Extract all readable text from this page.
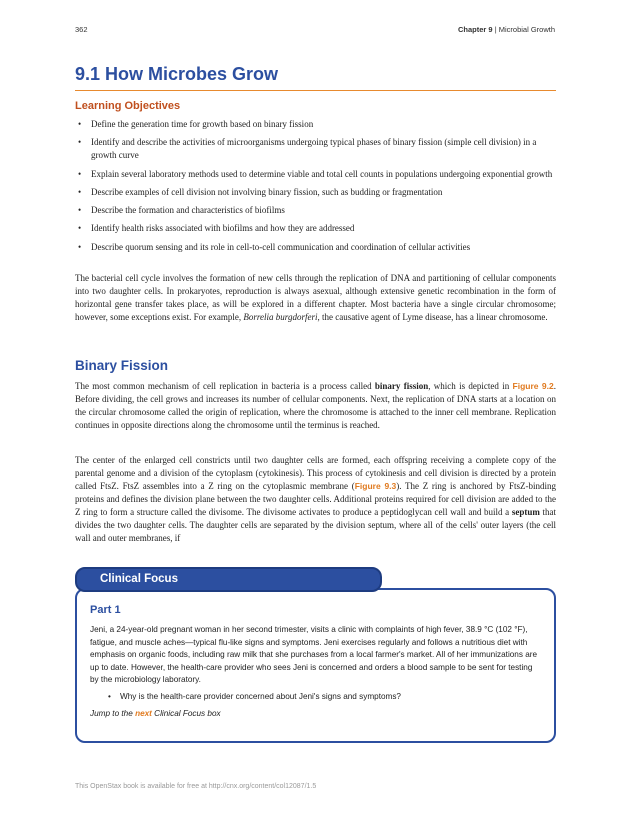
362	Chapter 9 | Microbial Growth
9.1 How Microbes Grow
Learning Objectives
• Define the generation time for growth based on binary fission
• Identify and describe the activities of microorganisms undergoing typical phases of binary fission (simple cell division) in a growth curve
• Explain several laboratory methods used to determine viable and total cell counts in populations undergoing exponential growth
• Describe examples of cell division not involving binary fission, such as budding or fragmentation
• Describe the formation and characteristics of biofilms
• Identify health risks associated with biofilms and how they are addressed
• Describe quorum sensing and its role in cell-to-cell communication and coordination of cellular activities

The bacterial cell cycle involves the formation of new cells through the replication of DNA and partitioning of cellular components into two daughter cells. In prokaryotes, reproduction is always asexual, although extensive genetic recombination in the form of horizontal gene transfer takes place, as will be explored in a different chapter. Most bacteria have a single circular chromosome; however, some exceptions exist. For example, Borrelia burgdorferi, the causative agent of Lyme disease, has a linear chromosome.

Binary Fission

The most common mechanism of cell replication in bacteria is a process called binary fission, which is depicted in Figure 9.2. Before dividing, the cell grows and increases its number of cellular components. Next, the replication of DNA starts at a location on the circular chromosome called the origin of replication, where the chromosome is attached to the inner cell membrane. Replication continues in opposite directions along the chromosome until the terminus is reached.

The center of the enlarged cell constricts until two daughter cells are formed, each offspring receiving a complete copy of the parental genome and a division of the cytoplasm (cytokinesis). This process of cytokinesis and cell division is directed by a protein called FtsZ. FtsZ assembles into a Z ring on the cytoplasmic membrane (Figure 9.3). The Z ring is anchored by FtsZ-binding proteins and defines the division plane between the two daughter cells. Additional proteins required for cell division are added to the Z ring to form a structure called the divisome. The divisome activates to produce a peptidoglycan cell wall and build a septum that divides the two daughter cells. The daughter cells are separated by the division septum, where all of the cells' outer layers (the cell wall and outer membranes, if

Clinical Focus
Part 1

Jeni, a 24-year-old pregnant woman in her second trimester, visits a clinic with complaints of high fever, 38.9 °C (102 °F), fatigue, and muscle aches—typical flu-like signs and symptoms. Jeni exercises regularly and follows a nutritious diet with emphasis on organic foods, including raw milk that she purchases from a local farmer's market. All of her immunizations are up to date. However, the health-care provider who sees Jeni is concerned and orders a blood sample to be sent for testing by the microbiology laboratory.

• Why is the health-care provider concerned about Jeni's signs and symptoms?

Jump to the next Clinical Focus box

This OpenStax book is available for free at http://cnx.org/content/col12087/1.5
